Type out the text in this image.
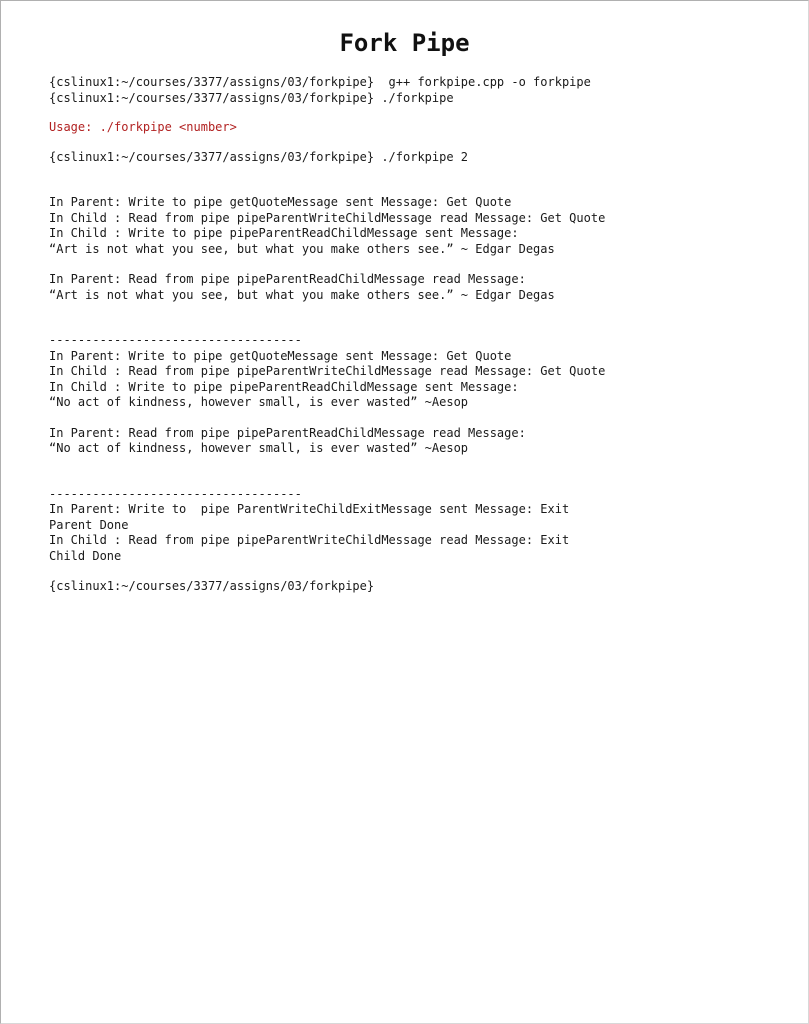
Fork Pipe
{cslinux1:~/courses/3377/assigns/03/forkpipe}  g++ forkpipe.cpp -o forkpipe
{cslinux1:~/courses/3377/assigns/03/forkpipe} ./forkpipe
Usage: ./forkpipe <number>
{cslinux1:~/courses/3377/assigns/03/forkpipe} ./forkpipe 2
In Parent: Write to pipe getQuoteMessage sent Message: Get Quote
In Child : Read from pipe pipeParentWriteChildMessage read Message: Get Quote
In Child : Write to pipe pipeParentReadChildMessage sent Message:
“Art is not what you see, but what you make others see.” ~ Edgar Degas
In Parent: Read from pipe pipeParentReadChildMessage read Message:
“Art is not what you see, but what you make others see.” ~ Edgar Degas
-----------------------------------
In Parent: Write to pipe getQuoteMessage sent Message: Get Quote
In Child : Read from pipe pipeParentWriteChildMessage read Message: Get Quote
In Child : Write to pipe pipeParentReadChildMessage sent Message:
“No act of kindness, however small, is ever wasted” ~Aesop
In Parent: Read from pipe pipeParentReadChildMessage read Message:
“No act of kindness, however small, is ever wasted” ~Aesop
-----------------------------------
In Parent: Write to  pipe ParentWriteChildExitMessage sent Message: Exit
Parent Done
In Child : Read from pipe pipeParentWriteChildMessage read Message: Exit
Child Done
{cslinux1:~/courses/3377/assigns/03/forkpipe}
